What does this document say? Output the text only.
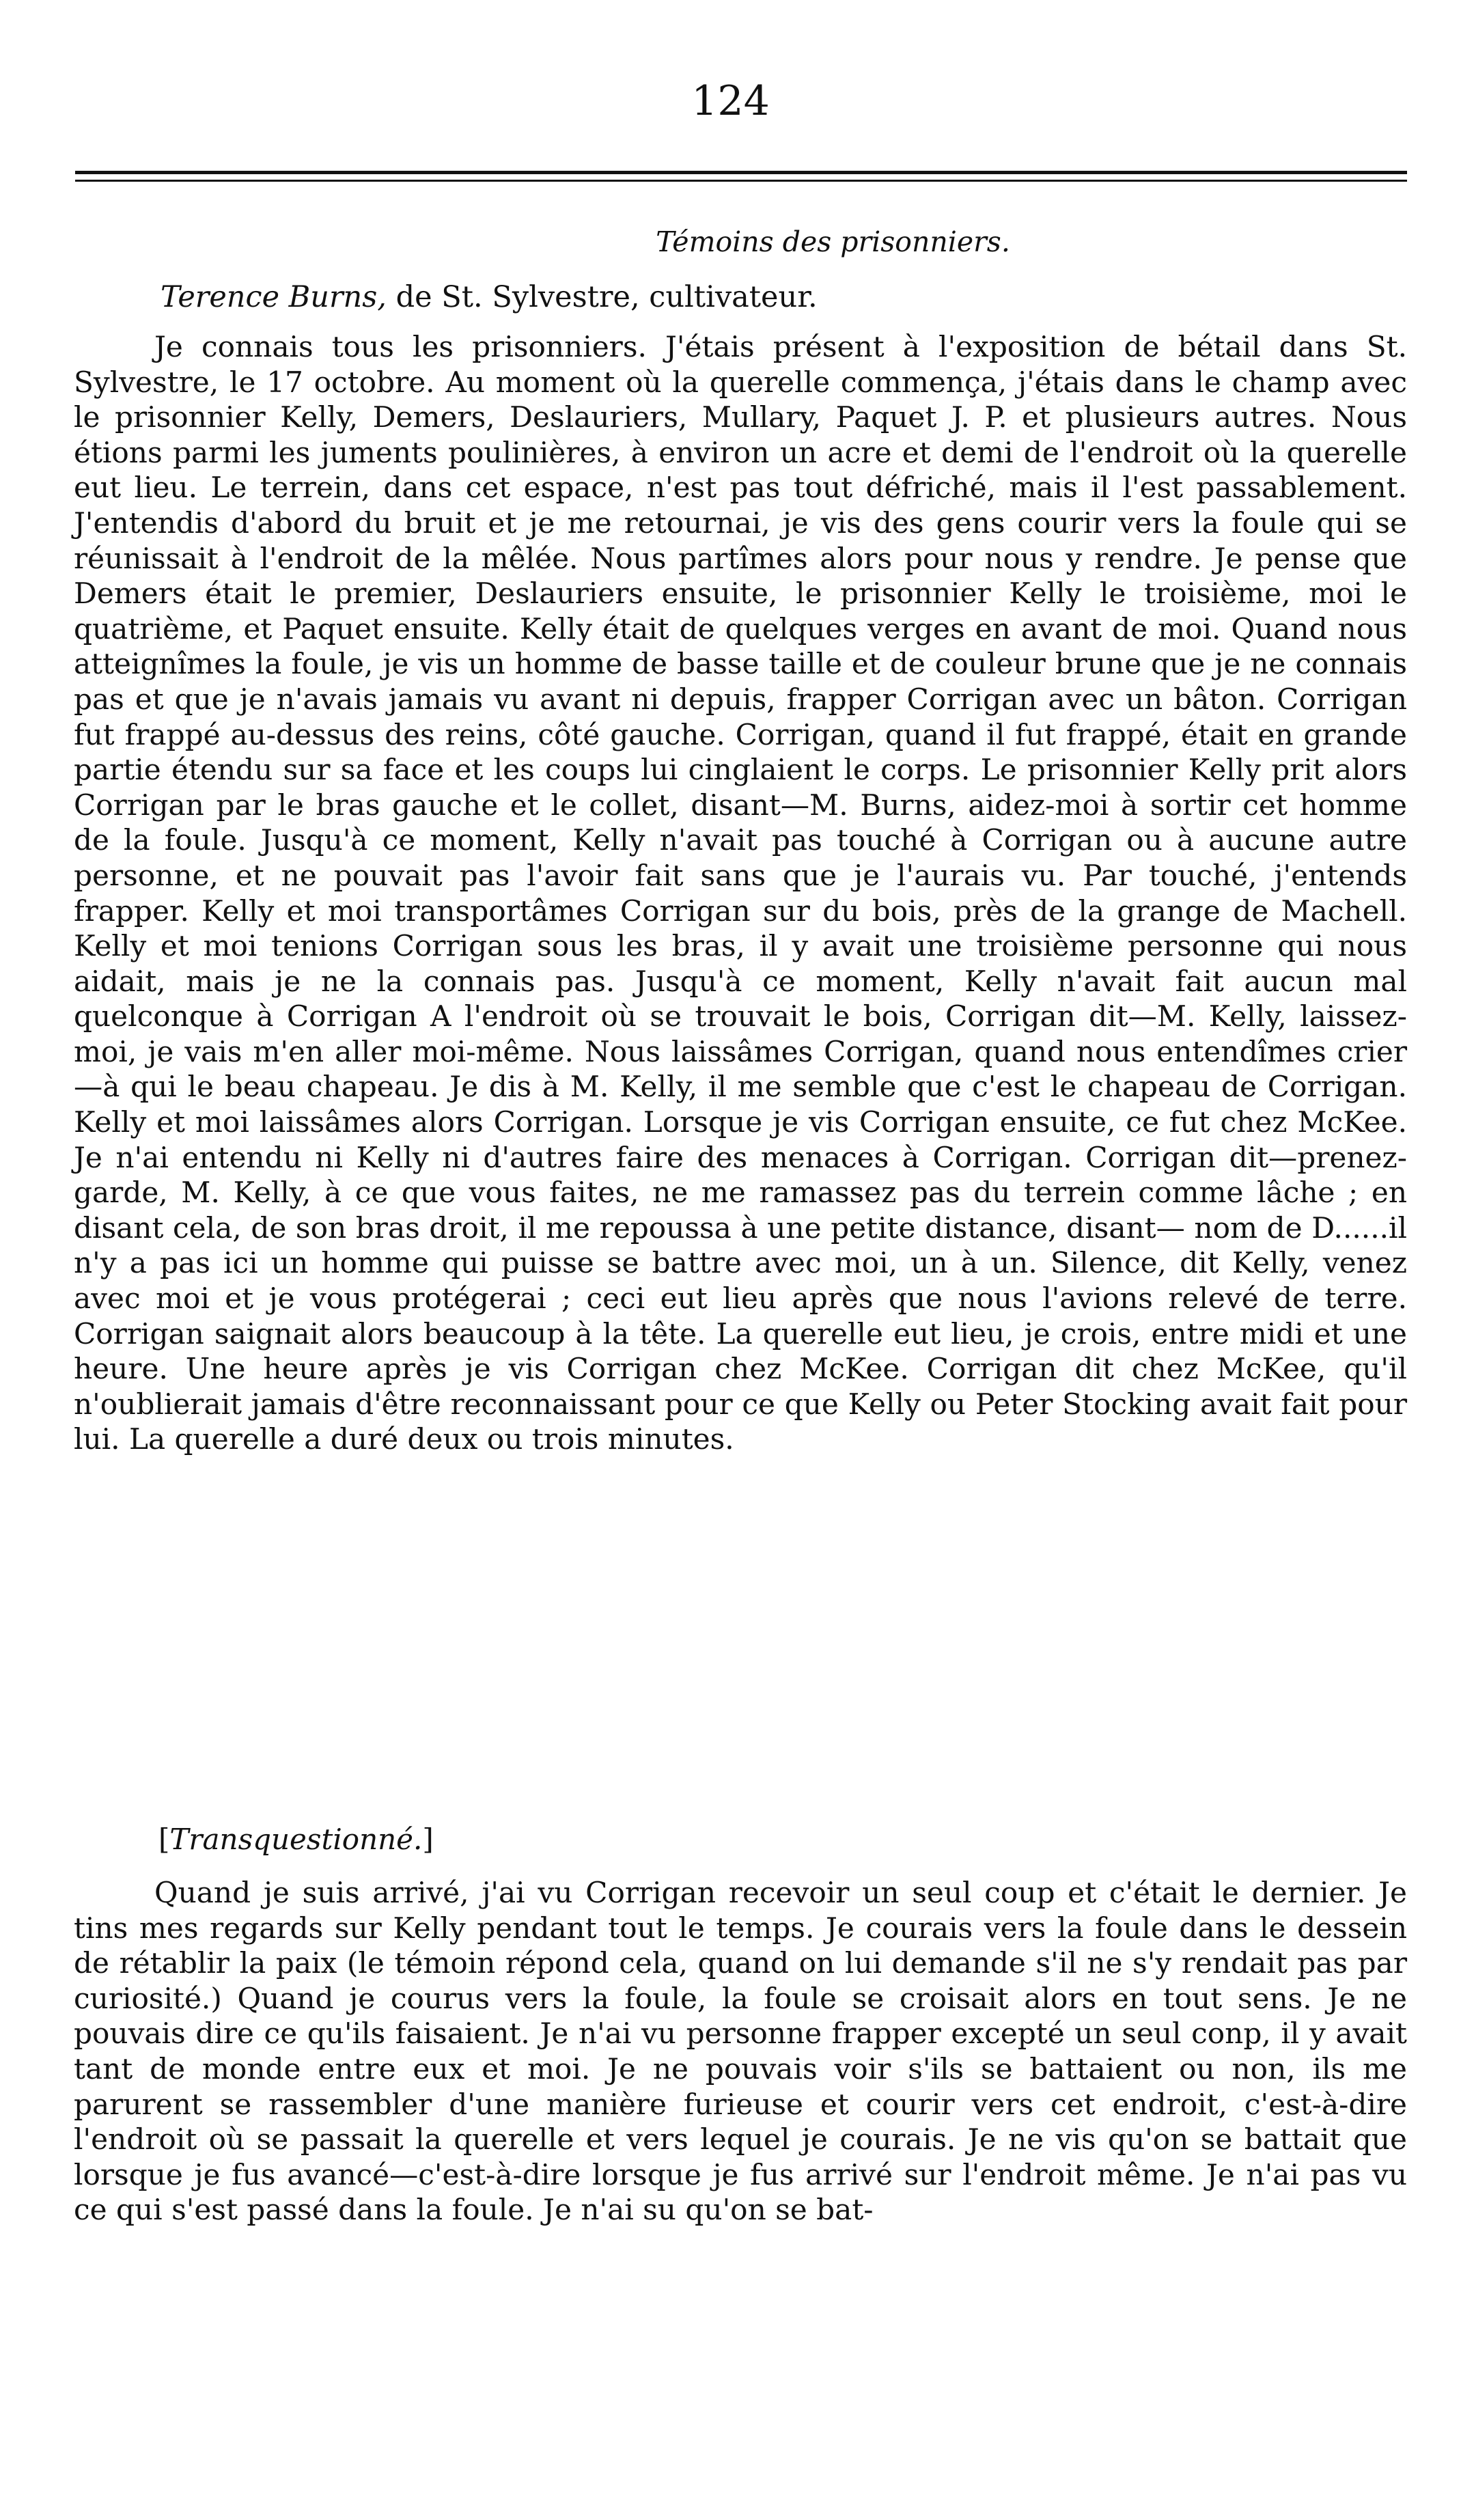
124
Témoins des prisonniers.
Terence Burns, de St. Sylvestre, cultivateur.

Je connais tous les prisonniers. J'étais présent à l'exposition de bétail dans St. Sylvestre, le 17 octobre. Au moment où la querelle commença, j'étais dans le champ avec le prisonnier Kelly, Demers, Deslauriers, Mullary, Paquet J. P. et plusieurs autres. Nous étions parmi les juments poulinières, à environ un acre et demi de l'endroit où la querelle eut lieu. Le terrein, dans cet espace, n'est pas tout défriché, mais il l'est passablement. J'entendis d'abord du bruit et je me retournai, je vis des gens courir vers la foule qui se réunissait à l'endroit de la mêlée. Nous partîmes alors pour nous y rendre. Je pense que Demers était le premier, Deslauriers ensuite, le prisonnier Kelly le troisième, moi le quatrième, et Paquet ensuite. Kelly était de quelques verges en avant de moi. Quand nous atteignîmes la foule, je vis un homme de basse taille et de couleur brune que je ne connais pas et que je n'avais jamais vu avant ni depuis, frapper Corrigan avec un bâton. Corrigan fut frappé au-dessus des reins, côté gauche. Corrigan, quand il fut frappé, était en grande partie étendu sur sa face et les coups lui cinglaient le corps. Le prisonnier Kelly prit alors Corrigan par le bras gauche et le collet, disant—M. Burns, aidez-moi à sortir cet homme de la foule. Jusqu'à ce moment, Kelly n'avait pas touché à Corrigan ou à aucune autre personne, et ne pouvait pas l'avoir fait sans que je l'aurais vu. Par touché, j'entends frapper. Kelly et moi transportâmes Corrigan sur du bois, près de la grange de Machell. Kelly et moi tenions Corrigan sous les bras, il y avait une troisième personne qui nous aidait, mais je ne la connais pas. Jusqu'à ce moment, Kelly n'avait fait aucun mal quelconque à Corrigan A l'endroit où se trouvait le bois, Corrigan dit—M. Kelly, laissez-moi, je vais m'en aller moi-même. Nous laissâmes Corrigan, quand nous entendîmes crier—à qui le beau chapeau. Je dis à M. Kelly, il me semble que c'est le chapeau de Corrigan. Kelly et moi laissâmes alors Corrigan. Lorsque je vis Corrigan ensuite, ce fut chez McKee. Je n'ai entendu ni Kelly ni d'autres faire des menaces à Corrigan. Corrigan dit—prenez-garde, M. Kelly, à ce que vous faites, ne me ramassez pas du terrein comme lâche ; en disant cela, de son bras droit, il me repoussa à une petite distance, disant— nom de D......il n'y a pas ici un homme qui puisse se battre avec moi, un à un. Silence, dit Kelly, venez avec moi et je vous protégerai ; ceci eut lieu après que nous l'avions relevé de terre. Corrigan saignait alors beaucoup à la tête. La querelle eut lieu, je crois, entre midi et une heure. Une heure après je vis Corrigan chez McKee. Corrigan dit chez McKee, qu'il n'oublierait jamais d'être reconnaissant pour ce que Kelly ou Peter Stocking avait fait pour lui. La querelle a duré deux ou trois minutes.

[Transquestionné.]

Quand je suis arrivé, j'ai vu Corrigan recevoir un seul coup et c'était le dernier. Je tins mes regards sur Kelly pendant tout le temps. Je courais vers la foule dans le dessein de rétablir la paix (le témoin répond cela, quand on lui demande s'il ne s'y rendait pas par curiosité.) Quand je courus vers la foule, la foule se croisait alors en tout sens. Je ne pouvais dire ce qu'ils faisaient. Je n'ai vu personne frapper excepté un seul conp, il y avait tant de monde entre eux et moi. Je ne pouvais voir s'ils se battaient ou non, ils me parurent se rassembler d'une manière furieuse et courir vers cet endroit, c'est-à-dire l'endroit où se passait la querelle et vers lequel je courais. Je ne vis qu'on se battait que lorsque je fus avancé—c'est-à-dire lorsque je fus arrivé sur l'endroit même. Je n'ai pas vu ce qui s'est passé dans la foule. Je n'ai su qu'on se bat-
